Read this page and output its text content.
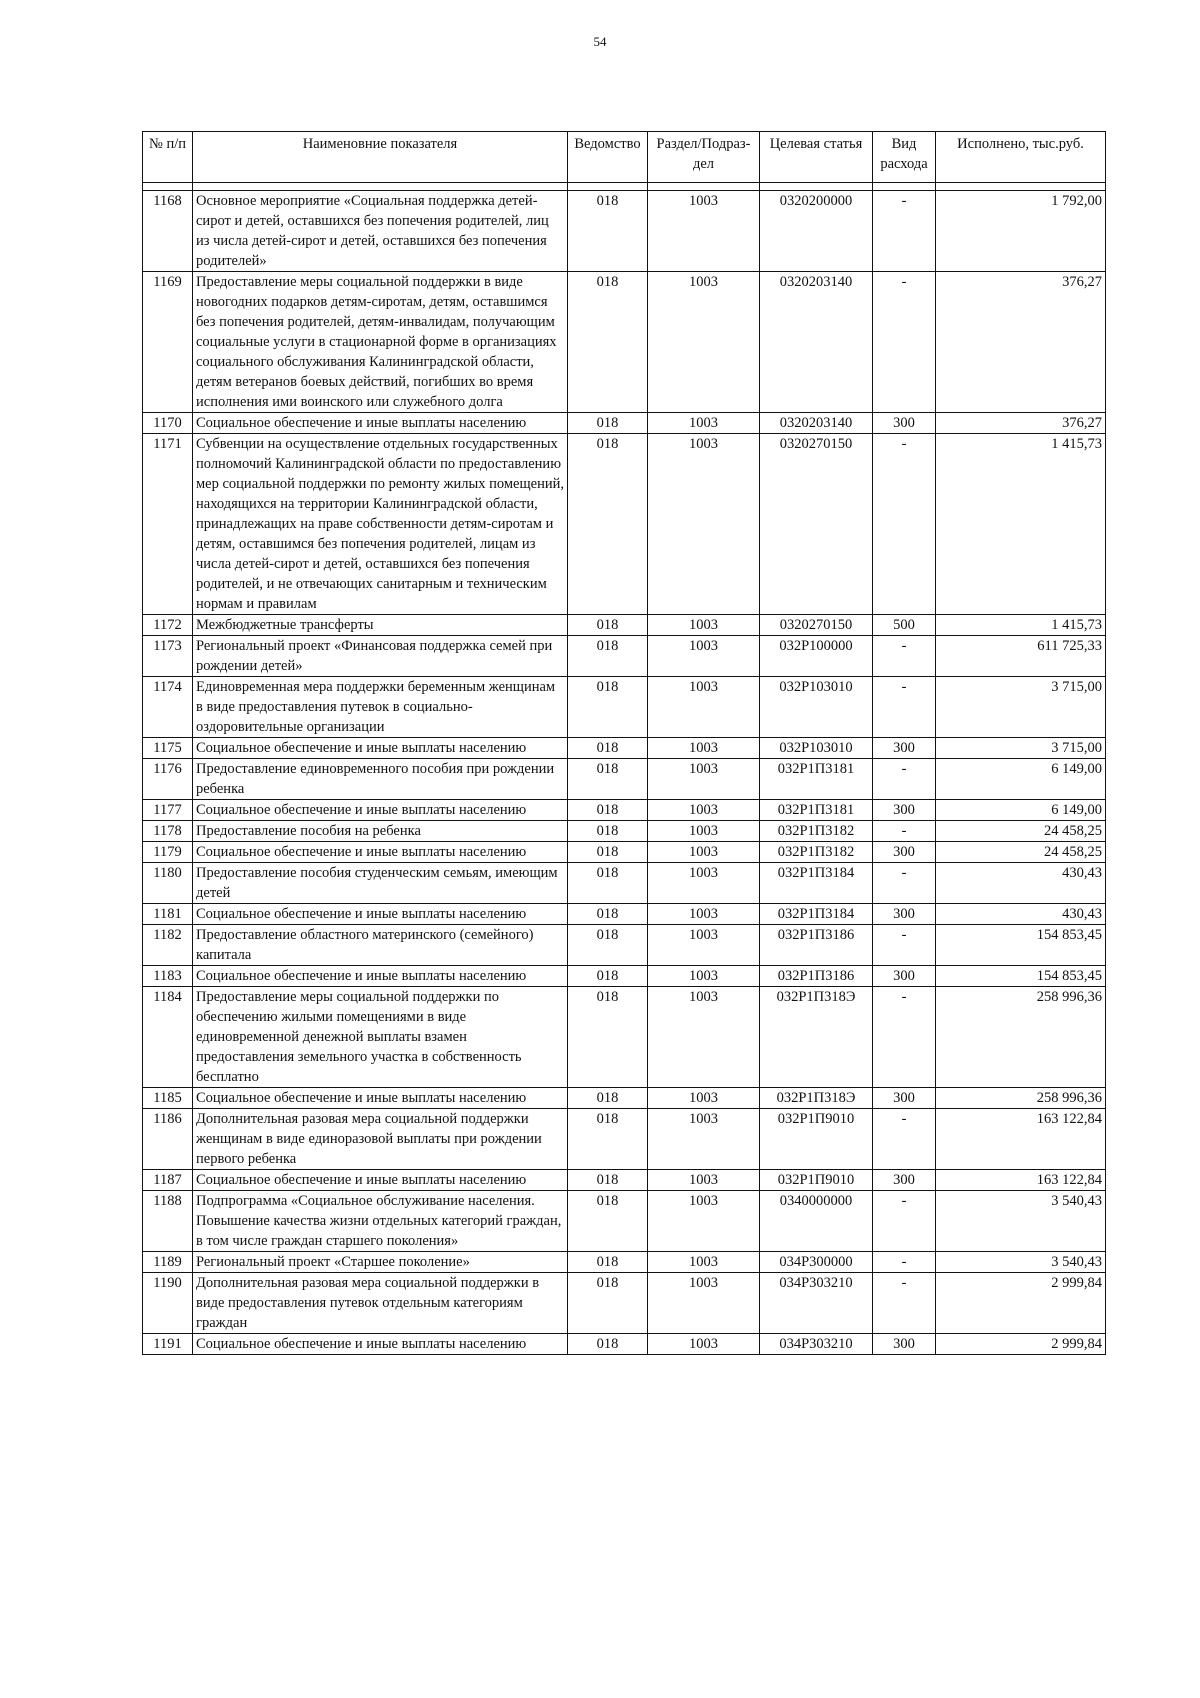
54
№ п/п	Наименовние показателя	Ведомство	Раздел/Подраз-дел	Целевая статья	Вид расхода	Исполнено, тыс.руб.

1168	Основное мероприятие «Социальная поддержка детей-сирот и детей, оставшихся без попечения родителей, лиц из числа детей-сирот и детей, оставшихся без попечения родителей»	018	1003	0320200000	-	1 792,00
1169	Предоставление меры социальной поддержки в виде новогодних подарков детям-сиротам, детям, оставшимся без попечения родителей, детям-инвалидам, получающим социальные услуги в стационарной форме в организациях социального обслуживания Калининградской области, детям ветеранов боевых действий, погибших во время исполнения ими воинского или служебного долга	018	1003	0320203140	-	376,27
1170	Социальное обеспечение и иные выплаты населению	018	1003	0320203140	300	376,27
1171	Субвенции на осуществление отдельных государственных полномочий Калининградской области по предоставлению мер социальной поддержки по ремонту жилых помещений, находящихся на территории Калининградской области, принадлежащих на праве собственности детям-сиротам и детям, оставшимся без попечения родителей, лицам из числа детей-сирот и детей, оставшихся без попечения родителей, и не отвечающих санитарным и техническим нормам и правилам	018	1003	0320270150	-	1 415,73
1172	Межбюджетные трансферты	018	1003	0320270150	500	1 415,73
1173	Региональный проект «Финансовая поддержка семей при рождении детей»	018	1003	032P100000	-	611 725,33
1174	Единовременная мера поддержки беременным женщинам в виде предоставления путевок в социально-оздоровительные организации	018	1003	032P103010	-	3 715,00
1175	Социальное обеспечение и иные выплаты населению	018	1003	032P103010	300	3 715,00
1176	Предоставление единовременного пособия при рождении ребенка	018	1003	032P1П3181	-	6 149,00
1177	Социальное обеспечение и иные выплаты населению	018	1003	032P1П3181	300	6 149,00
1178	Предоставление пособия на ребенка	018	1003	032P1П3182	-	24 458,25
1179	Социальное обеспечение и иные выплаты населению	018	1003	032P1П3182	300	24 458,25
1180	Предоставление пособия студенческим семьям, имеющим детей	018	1003	032P1П3184	-	430,43
1181	Социальное обеспечение и иные выплаты населению	018	1003	032P1П3184	300	430,43
1182	Предоставление областного материнского (семейного) капитала	018	1003	032P1П3186	-	154 853,45
1183	Социальное обеспечение и иные выплаты населению	018	1003	032P1П3186	300	154 853,45
1184	Предоставление меры социальной поддержки по обеспечению жилыми помещениями в виде единовременной денежной выплаты взамен предоставления земельного участка в собственность бесплатно	018	1003	032P1П318Э	-	258 996,36
1185	Социальное обеспечение и иные выплаты населению	018	1003	032P1П318Э	300	258 996,36
1186	Дополнительная разовая мера социальной поддержки женщинам в виде единоразовой выплаты при рождении первого ребенка	018	1003	032P1П9010	-	163 122,84
1187	Социальное обеспечение и иные выплаты населению	018	1003	032P1П9010	300	163 122,84
1188	Подпрограмма «Социальное обслуживание населения. Повышение качества жизни отдельных категорий граждан, в том числе граждан старшего поколения»	018	1003	0340000000	-	3 540,43
1189	Региональный проект «Старшее поколение»	018	1003	034P300000	-	3 540,43
1190	Дополнительная разовая мера социальной поддержки в виде предоставления путевок отдельным категориям граждан	018	1003	034P303210	-	2 999,84
1191	Социальное обеспечение и иные выплаты населению	018	1003	034P303210	300	2 999,84
